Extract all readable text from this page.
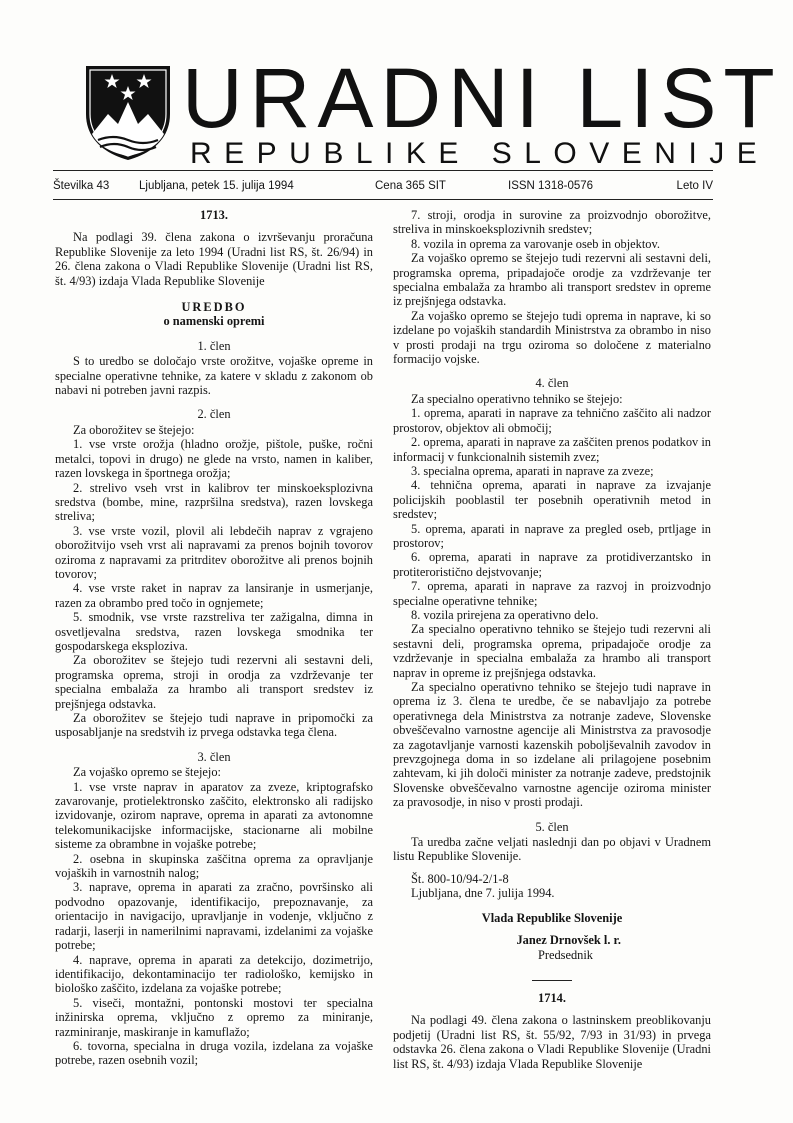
URADNI LIST
REPUBLIKE SLOVENIJE
Številka 43	Ljubljana, petek 15. julija 1994	Cena 365 SIT	ISSN 1318-0576	Leto IV

1713.

Na podlagi 39. člena zakona o izvrševanju proračuna Republike Slovenije za leto 1994 (Uradni list RS, št. 26/94) in 26. člena zakona o Vladi Republike Slovenije (Uradni list RS, št. 4/93) izdaja Vlada Republike Slovenije

UREDBO

o namenski opremi

1. člen

S to uredbo se določajo vrste orožitve, vojaške opreme in specialne operativne tehnike, za katere v skladu z zakonom ob nabavi ni potreben javni razpis.

2. člen

Za oborožitev se štejejo:

1. vse vrste orožja (hladno orožje, pištole, puške, ročni metalci, topovi in drugo) ne glede na vrsto, namen in kaliber, razen lovskega in športnega orožja;

2. strelivo vseh vrst in kalibrov ter minskoeksplozivna sredstva (bombe, mine, razpršilna sredstva), razen lovskega streliva;

3. vse vrste vozil, plovil ali lebdečih naprav z vgrajeno oborožitvijo vseh vrst ali napravami za prenos bojnih tovorov oziroma z napravami za pritrditev oborožitve ali prenos bojnih tovorov;

4. vse vrste raket in naprav za lansiranje in usmerjanje, razen za obrambo pred točo in ognjemete;

5. smodnik, vse vrste razstreliva ter zažigalna, dimna in osvetljevalna sredstva, razen lovskega smodnika ter gospodarskega eksploziva.

Za oborožitev se štejejo tudi rezervni ali sestavni deli, programska oprema, stroji in orodja za vzdrževanje ter specialna embalaža za hrambo ali transport sredstev iz prejšnjega odstavka.

Za oborožitev se štejejo tudi naprave in pripomočki za usposabljanje na sredstvih iz prvega odstavka tega člena.

3. člen

Za vojaško opremo se štejejo:

1. vse vrste naprav in aparatov za zveze, kriptografsko zavarovanje, protielektronsko zaščito, elektronsko ali radijsko izvidovanje, ozirom naprave, oprema in aparati za avtonomne telekomunikacijske informacijske, stacionarne ali mobilne sisteme za obrambne in vojaške potrebe;

2. osebna in skupinska zaščitna oprema za opravljanje vojaških in varnostnih nalog;

3. naprave, oprema in aparati za zračno, površinsko ali podvodno opazovanje, identifikacijo, prepoznavanje, za orientacijo in navigacijo, upravljanje in vodenje, vključno z radarji, laserji in namerilnimi napravami, izdelanimi za vojaške potrebe;

4. naprave, oprema in aparati za detekcijo, dozimetrijo, identifikacijo, dekontaminacijo ter radiološko, kemijsko in biološko zaščito, izdelana za vojaške potrebe;

5. viseči, montažni, pontonski mostovi ter specialna inžinirska oprema, vključno z opremo za miniranje, razminiranje, maskiranje in kamuflažo;

6. tovorna, specialna in druga vozila, izdelana za vojaške potrebe, razen osebnih vozil;

7. stroji, orodja in surovine za proizvodnjo oborožitve, streliva in minskoeksplozivnih sredstev;

8. vozila in oprema za varovanje oseb in objektov.

Za vojaško opremo se štejejo tudi rezervni ali sestavni deli, programska oprema, pripadajoče orodje za vzdrževanje ter specialna embalaža za hrambo ali transport sredstev in opreme iz prejšnjega odstavka.

Za vojaško opremo se štejejo tudi oprema in naprave, ki so izdelane po vojaških standardih Ministrstva za obrambo in niso v prosti prodaji na trgu oziroma so določene z materialno formacijo vojske.

4. člen

Za specialno operativno tehniko se štejejo:

1. oprema, aparati in naprave za tehnično zaščito ali nadzor prostorov, objektov ali območij;

2. oprema, aparati in naprave za zaščiten prenos podatkov in informacij v funkcionalnih sistemih zvez;

3. specialna oprema, aparati in naprave za zveze;

4. tehnična oprema, aparati in naprave za izvajanje policijskih pooblastil ter posebnih operativnih metod in sredstev;

5. oprema, aparati in naprave za pregled oseb, prtljage in prostorov;

6. oprema, aparati in naprave za protidiverzantsko in protiteroristično dejstvovanje;

7. oprema, aparati in naprave za razvoj in proizvodnjo specialne operativne tehnike;

8. vozila prirejena za operativno delo.

Za specialno operativno tehniko se štejejo tudi rezervni ali sestavni deli, programska oprema, pripadajoče orodje za vzdrževanje in specialna embalaža za hrambo ali transport naprav in opreme iz prejšnjega odstavka.

Za specialno operativno tehniko se štejejo tudi naprave in oprema iz 3. člena te uredbe, če se nabavljajo za potrebe operativnega dela Ministrstva za notranje zadeve, Slovenske obveščevalno varnostne agencije ali Ministrstva za pravosodje za zagotavljanje varnosti kazenskih poboljševalnih zavodov in prevzgojnega doma in so izdelane ali prilagojene posebnim zahtevam, ki jih določi minister za notranje zadeve, predstojnik Slovenske obveščevalno varnostne agencije oziroma minister za pravosodje, in niso v prosti prodaji.

5. člen

Ta uredba začne veljati naslednji dan po objavi v Uradnem listu Republike Slovenije.

Št. 800-10/94-2/1-8

Ljubljana, dne 7. julija 1994.

Vlada Republike Slovenije

Janez Drnovšek l. r.

Predsednik

1714.

Na podlagi 49. člena zakona o lastninskem preoblikovanju podjetij (Uradni list RS, št. 55/92, 7/93 in 31/93) in prvega odstavka 26. člena zakona o Vladi Republike Slovenije (Uradni list RS, št. 4/93) izdaja Vlada Republike Slovenije
